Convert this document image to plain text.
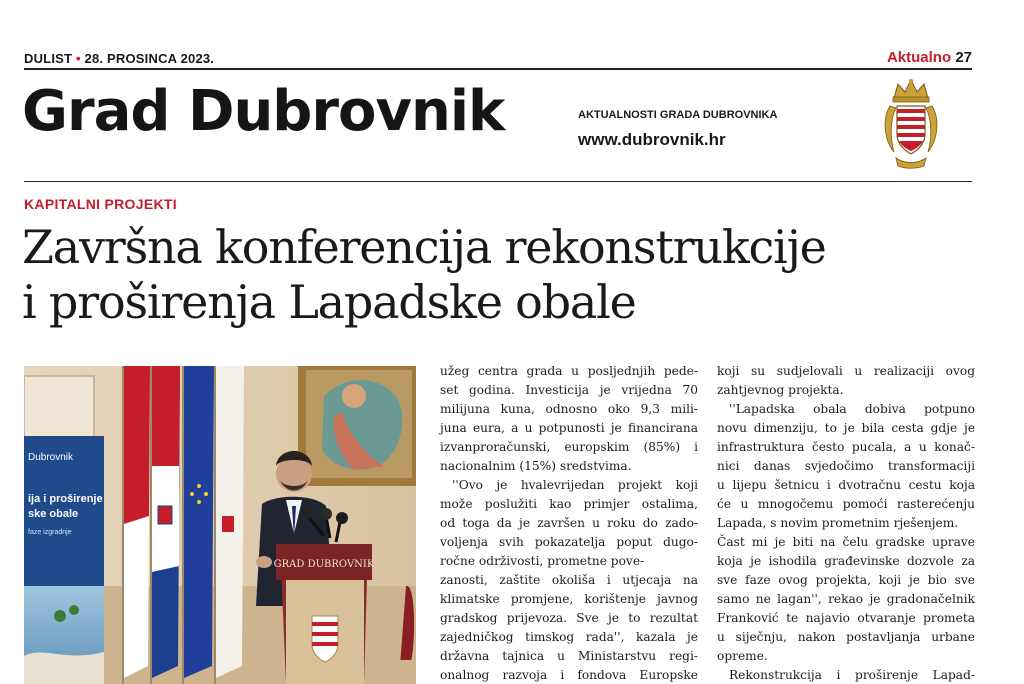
DULIST • 28. PROSINCA 2023.	Aktualno 27
Grad Dubrovnik	AKTUALNOSTI GRADA DUBROVNIKA
www.dubrovnik.hr
KAPITALNI PROJEKTI
Završna konferencija rekonstrukcije
i proširenja Lapadske obale
Dubrovnik
ija i proširenje
ske obale
faze izgradnje
GRAD DUBROVNIK
užeg centra grada u posljednjih pede-
set godina. Investicija je vrijedna 70
milijuna kuna, odnosno oko 9,3 mili-
juna eura, a u potpunosti je financirana
izvanproračunski, europskim (85%) i
nacionalnim (15%) sredstvima.
''Ovo je hvalevrijedan projekt koji
može poslužiti kao primjer ostalima,
od toga da je završen u roku do zado-
voljenja svih pokazatelja poput dugo-
ročne održivosti, prometne pove-
zanosti, zaštite okoliša i utjecaja na
klimatske promjene, korištenje javnog
gradskog prijevoza. Sve je to rezultat
zajedničkog timskog rada'', kazala je
državna tajnica u Ministarstvu regi-
onalnog razvoja i fondova Europske
koji su sudjelovali u realizaciji ovog
zahtjevnog projekta.
''Lapadska obala dobiva potpuno
novu dimenziju, to je bila cesta gdje je
infrastruktura često pucala, a u konač-
nici danas svjedočimo transformaciji
u lijepu šetnicu i dvotračnu cestu koja
će u mnogočemu pomoći rasterećenju
Lapada, s novim prometnim rješenjem.
Čast mi je biti na čelu gradske uprave
koja je ishodila građevinske dozvole za
sve faze ovog projekta, koji je bio sve
samo ne lagan'', rekao je gradonačelnik
Franković te najavio otvaranje prometa
u siječnju, nakon postavljanja urbane
opreme.
Rekonstrukcija i proširenje Lapad-
